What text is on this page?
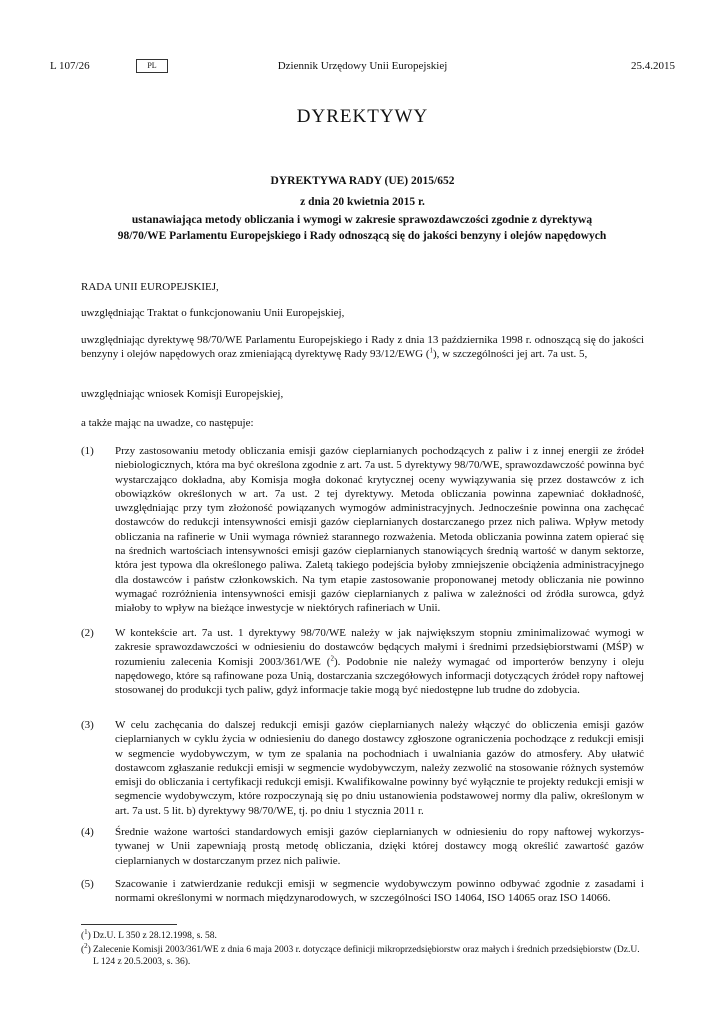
L 107/26	PL	Dziennik Urzędowy Unii Europejskiej	25.4.2015
DYREKTYWY
DYREKTYWA RADY (UE) 2015/652
z dnia 20 kwietnia 2015 r.
ustanawiająca metody obliczania i wymogi w zakresie sprawozdawczości zgodnie z dyrektywą 98/70/WE Parlamentu Europejskiego i Rady odnoszącą się do jakości benzyny i olejów napędowych
RADA UNII EUROPEJSKIEJ,
uwzględniając Traktat o funkcjonowaniu Unii Europejskiej,
uwzględniając dyrektywę 98/70/WE Parlamentu Europejskiego i Rady z dnia 13 października 1998 r. odnoszącą się do jakości benzyny i olejów napędowych oraz zmieniającą dyrektywę Rady 93/12/EWG ($^1$), w szczególności jej art. 7a ust. 5,
uwzględniając wniosek Komisji Europejskiej,
a także mając na uwadze, co następuje:
(1) Przy zastosowaniu metody obliczania emisji gazów cieplarnianych pochodzących z paliw i z innej energii ze źródeł niebiologicznych, która ma być określona zgodnie z art. 7a ust. 5 dyrektywy 98/70/WE, sprawozdawczość powinna być wystarczająco dokładna, aby Komisja mogła dokonać krytycznej oceny wywiązywania się przez dostawców z ich obowiązków określonych w art. 7a ust. 2 tej dyrektywy. Metoda obliczania powinna zapewniać dokładność, uwzględniając przy tym złożoność powiązanych wymogów administracyjnych. Jednocześnie powinna ona zachęcać dostawców do redukcji intensywności emisji gazów cieplarnianych dostarczanego przez nich paliwa. Wpływ metody obliczania na rafinerie w Unii wymaga również starannego rozważenia. Metoda obliczania powinna zatem opierać się na średnich wartościach intensywności emisji gazów cieplarnianych stanowiących średnią wartość w danym sektorze, która jest typowa dla określonego paliwa. Zaletą takiego podejścia byłoby zmniejszenie obciążenia administracyjnego dla dostawców i państw członkowskich. Na tym etapie zastosowanie proponowanej metody obliczania nie powinno wymagać rozróżnienia intensywności emisji gazów cieplarnianych z paliwa w zależności od źródła surowca, gdyż miałoby to wpływ na bieżące inwestycje w niektórych rafineriach w Unii.
(2) W kontekście art. 7a ust. 1 dyrektywy 98/70/WE należy w jak największym stopniu zminimalizować wymogi w zakresie sprawozdawczości w odniesieniu do dostawców będących małymi i średnimi przedsiębiorstwami (MŚP) w rozumieniu zalecenia Komisji 2003/361/WE ($^2$). Podobnie nie należy wymagać od importerów benzyny i oleju napędowego, które są rafinowane poza Unią, dostarczania szczegółowych informacji dotyczących źródeł ropy naftowej stosowanej do produkcji tych paliw, gdyż informacje takie mogą być niedostępne lub trudne do zdobycia.
(3) W celu zachęcania do dalszej redukcji emisji gazów cieplarnianych należy włączyć do obliczenia emisji gazów cieplarnianych w cyklu życia w odniesieniu do danego dostawcy zgłoszone ograniczenia pochodzące z redukcji emisji w segmencie wydobywczym, w tym ze spalania na pochodniach i uwalniania gazów do atmosfery. Aby ułatwić dostawcom zgłaszanie redukcji emisji w segmencie wydobywczym, należy zezwolić na stosowanie różnych systemów emisji do obliczania i certyfikacji redukcji emisji. Kwalifikowalne powinny być wyłącznie te projekty redukcji emisji w segmencie wydobywczym, które rozpoczynają się po dniu ustanowienia podstawowej normy dla paliw, określonym w art. 7a ust. 5 lit. b) dyrektywy 98/70/WE, tj. po dniu 1 stycznia 2011 r.
(4) Średnie ważone wartości standardowych emisji gazów cieplarnianych w odniesieniu do ropy naftowej wykorzystywanej w Unii zapewniają prostą metodę obliczania, dzięki której dostawcy mogą określić zawartość gazów cieplarnianych w dostarczanym przez nich paliwie.
(5) Szacowanie i zatwierdzanie redukcji emisji w segmencie wydobywczym powinno odbywać zgodnie z zasadami i normami określonymi w normach międzynarodowych, w szczególności ISO 14064, ISO 14065 oraz ISO 14066.
($^1$) Dz.U. L 350 z 28.12.1998, s. 58.
($^2$) Zalecenie Komisji 2003/361/WE z dnia 6 maja 2003 r. dotyczące definicji mikroprzedsiębiorstw oraz małych i średnich przedsiębiorstw (Dz.U. L 124 z 20.5.2003, s. 36).
